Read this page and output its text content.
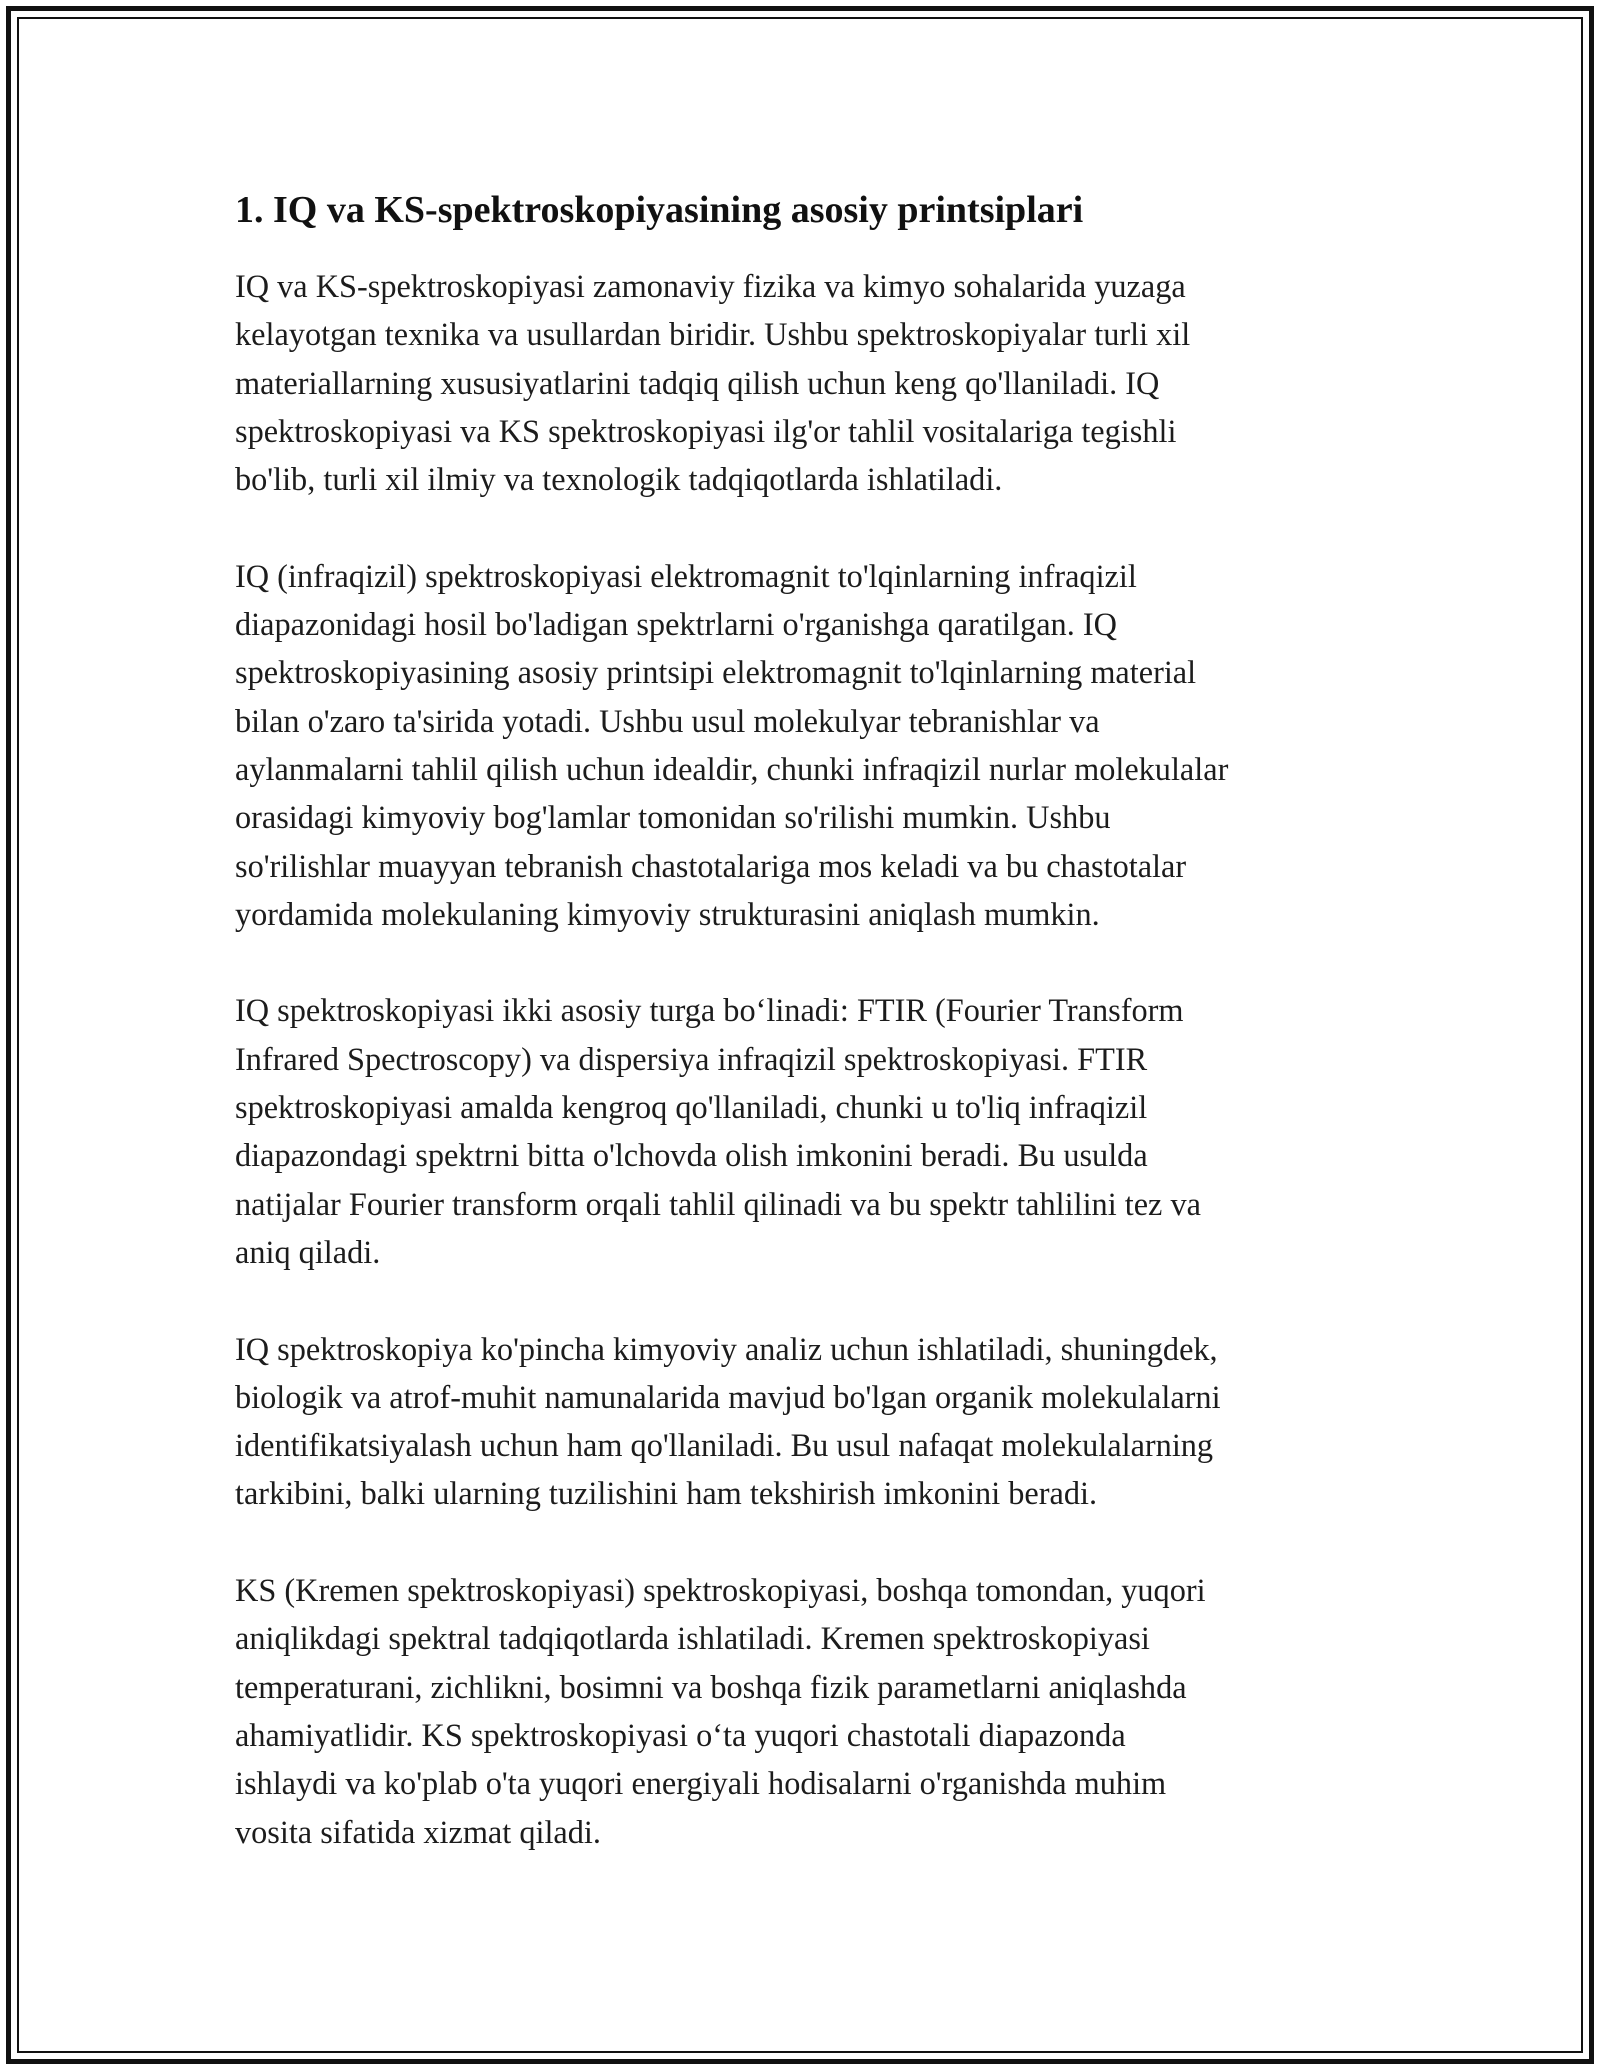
1. IQ va KS-spektroskopiyasining asosiy printsiplari
IQ va KS-spektroskopiyasi zamonaviy fizika va kimyo sohalarida yuzaga
kelayotgan texnika va usullardan biridir. Ushbu spektroskopiyalar turli xil
materiallarning xususiyatlarini tadqiq qilish uchun keng qo'llaniladi. IQ
spektroskopiyasi va KS spektroskopiyasi ilg'or tahlil vositalariga tegishli
bo'lib, turli xil ilmiy va texnologik tadqiqotlarda ishlatiladi.
IQ (infraqizil) spektroskopiyasi elektromagnit to'lqinlarning infraqizil
diapazonidagi hosil bo'ladigan spektrlarni o'rganishga qaratilgan. IQ
spektroskopiyasining asosiy printsipi elektromagnit to'lqinlarning material
bilan o'zaro ta'sirida yotadi. Ushbu usul molekulyar tebranishlar va
aylanmalarni tahlil qilish uchun idealdir, chunki infraqizil nurlar molekulalar
orasidagi kimyoviy bog'lamlar tomonidan so'rilishi mumkin. Ushbu
so'rilishlar muayyan tebranish chastotalariga mos keladi va bu chastotalar
yordamida molekulaning kimyoviy strukturasini aniqlash mumkin.
IQ spektroskopiyasi ikki asosiy turga bo‘linadi: FTIR (Fourier Transform
Infrared Spectroscopy) va dispersiya infraqizil spektroskopiyasi. FTIR
spektroskopiyasi amalda kengroq qo'llaniladi, chunki u to'liq infraqizil
diapazondagi spektrni bitta o'lchovda olish imkonini beradi. Bu usulda
natijalar Fourier transform orqali tahlil qilinadi va bu spektr tahlilini tez va
aniq qiladi.
IQ spektroskopiya ko'pincha kimyoviy analiz uchun ishlatiladi, shuningdek,
biologik va atrof-muhit namunalarida mavjud bo'lgan organik molekulalarni
identifikatsiyalash uchun ham qo'llaniladi. Bu usul nafaqat molekulalarning
tarkibini, balki ularning tuzilishini ham tekshirish imkonini beradi.
KS (Kremen spektroskopiyasi) spektroskopiyasi, boshqa tomondan, yuqori
aniqlikdagi spektral tadqiqotlarda ishlatiladi. Kremen spektroskopiyasi
temperaturani, zichlikni, bosimni va boshqa fizik parametlarni aniqlashda
ahamiyatlidir. KS spektroskopiyasi o‘ta yuqori chastotali diapazonda
ishlaydi va ko'plab o'ta yuqori energiyali hodisalarni o'rganishda muhim
vosita sifatida xizmat qiladi.
